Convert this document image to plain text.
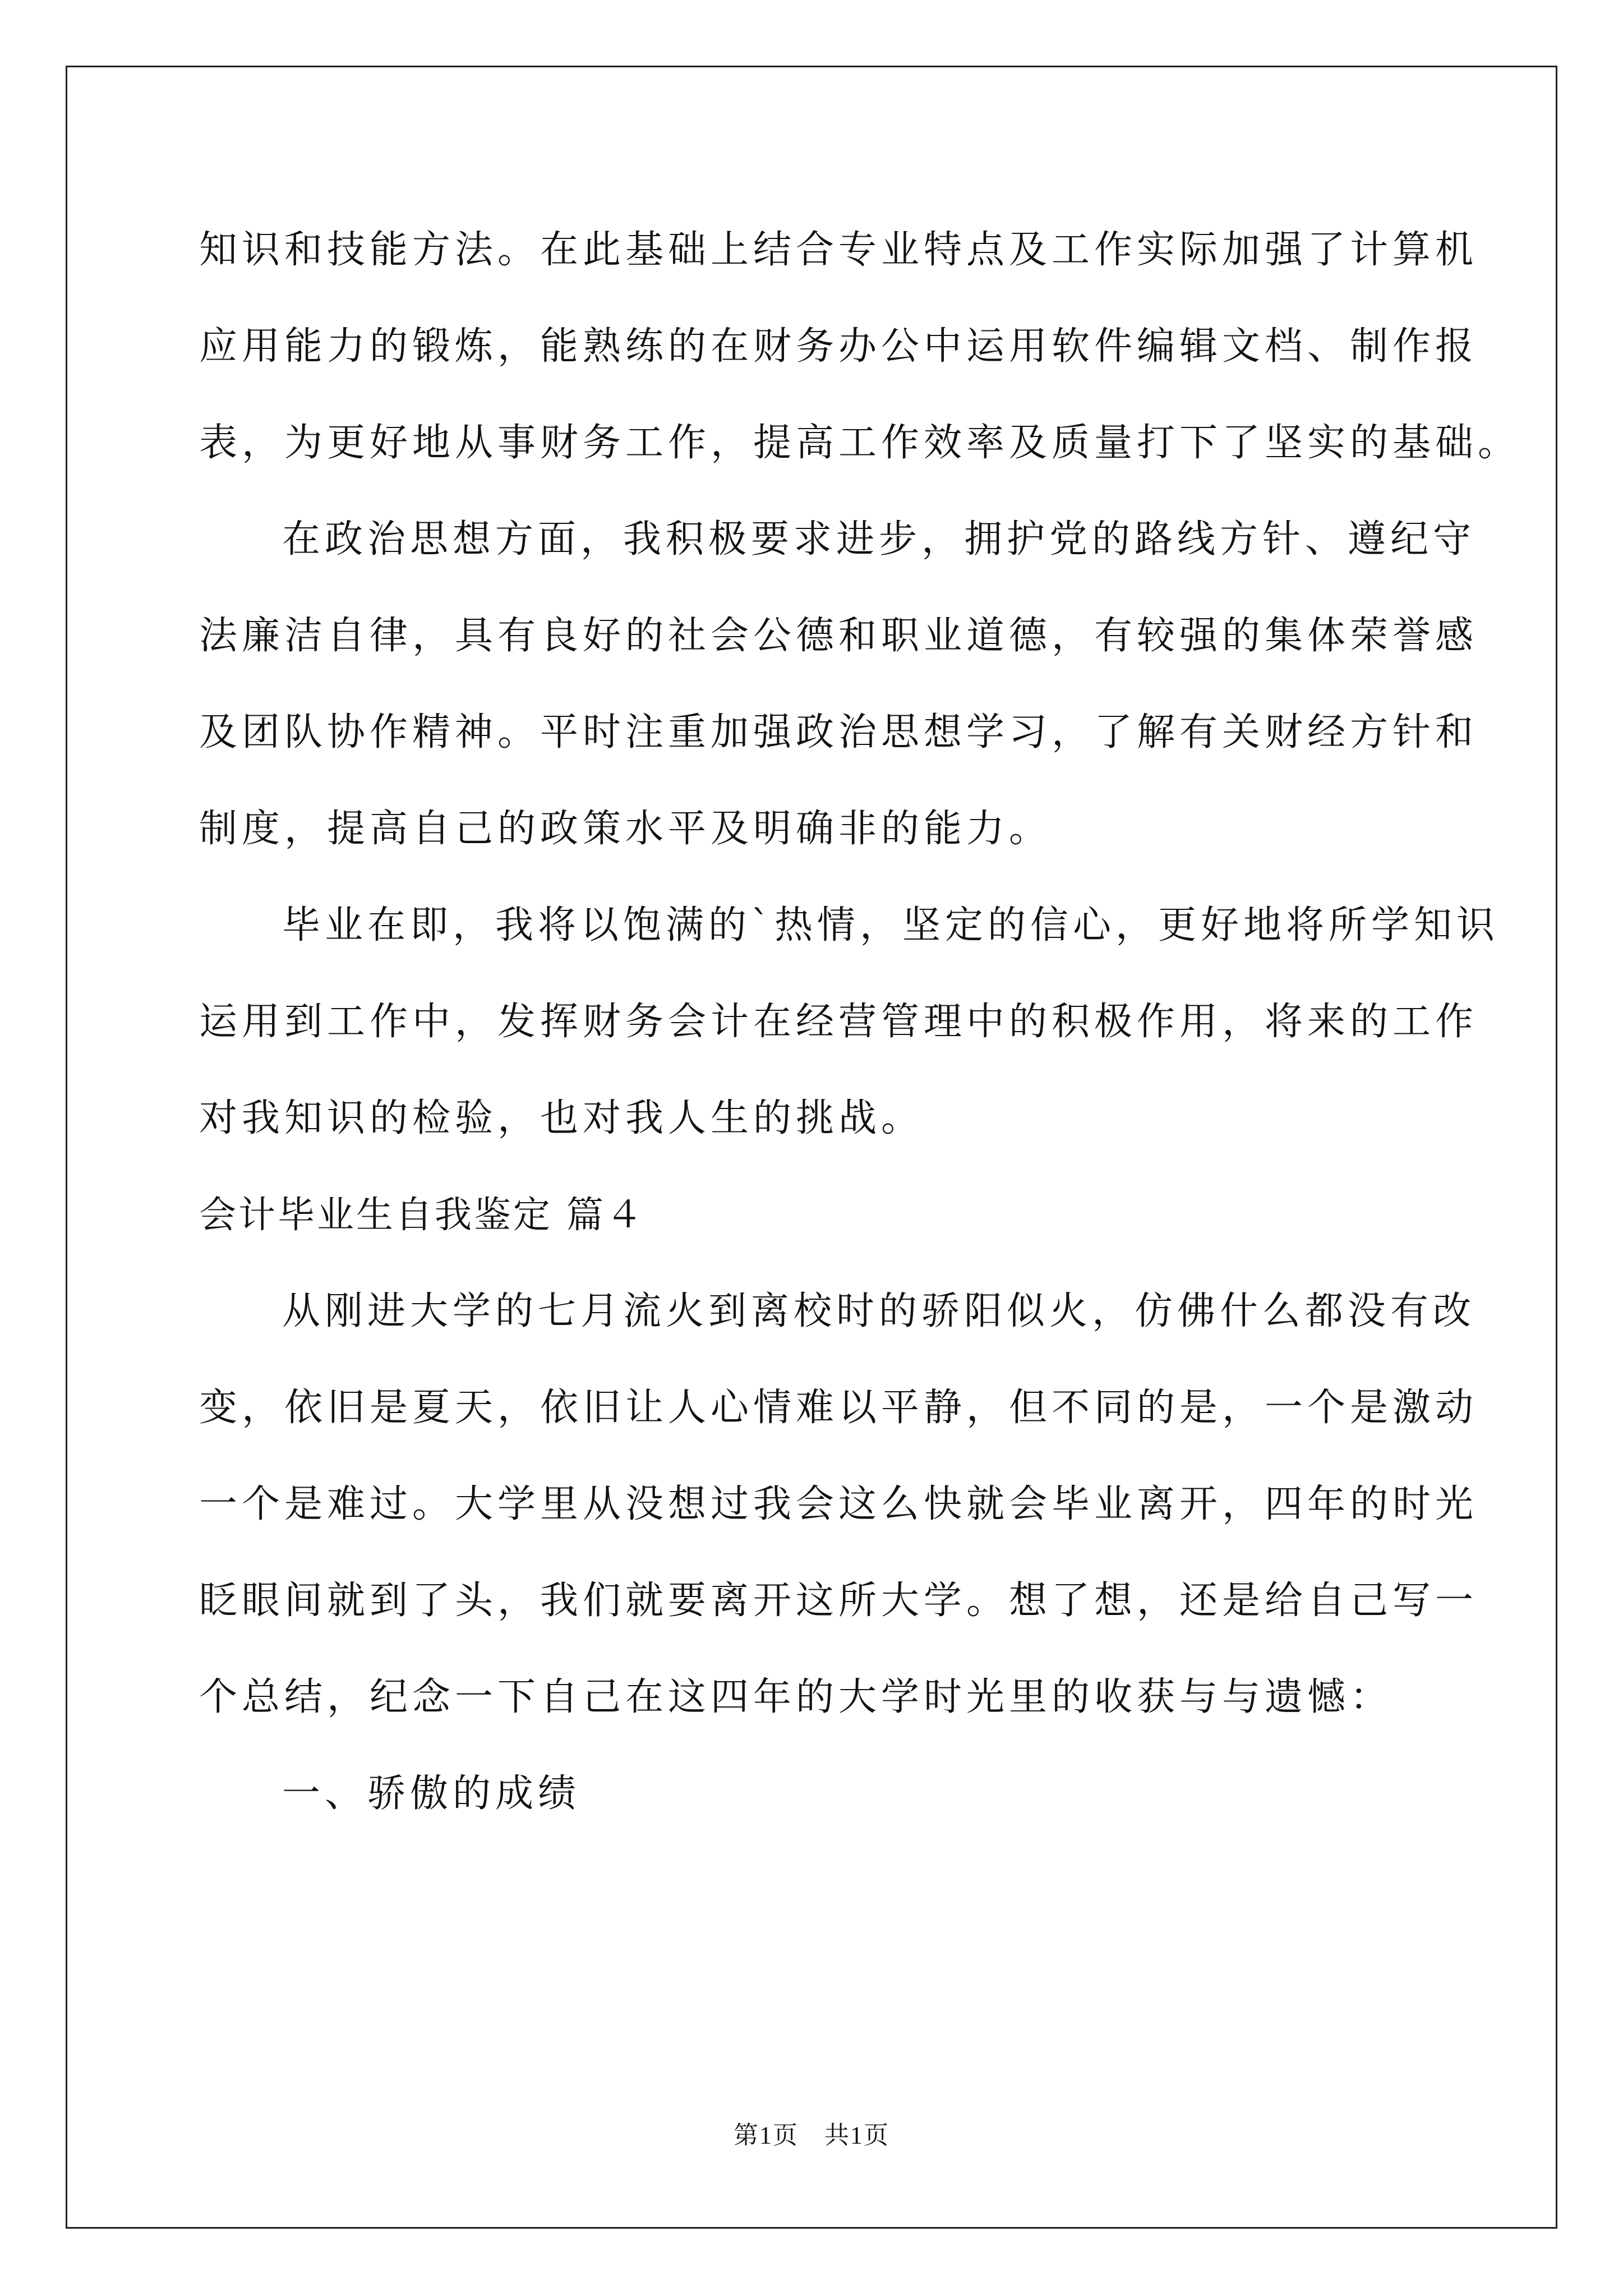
知识和技能方法。在此基础上结合专业特点及工作实际加强了计算机
应用能力的锻炼，能熟练的在财务办公中运用软件编辑文档、制作报
表，为更好地从事财务工作，提高工作效率及质量打下了坚实的基础。
在政治思想方面，我积极要求进步，拥护党的路线方针、遵纪守
法廉洁自律，具有良好的社会公德和职业道德，有较强的集体荣誉感
及团队协作精神。平时注重加强政治思想学习，了解有关财经方针和
制度，提高自己的政策水平及明确非的能力。
毕业在即，我将以饱满的`热情，坚定的信心，更好地将所学知识
运用到工作中，发挥财务会计在经营管理中的积极作用，将来的工作
对我知识的检验，也对我人生的挑战。
会计毕业生自我鉴定 篇４
从刚进大学的七月流火到离校时的骄阳似火，仿佛什么都没有改
变，依旧是夏天，依旧让人心情难以平静，但不同的是，一个是激动
一个是难过。大学里从没想过我会这么快就会毕业离开，四年的时光
眨眼间就到了头，我们就要离开这所大学。想了想，还是给自己写一
个总结，纪念一下自己在这四年的大学时光里的收获与与遗憾：
一、骄傲的成绩
第1页　共1页
